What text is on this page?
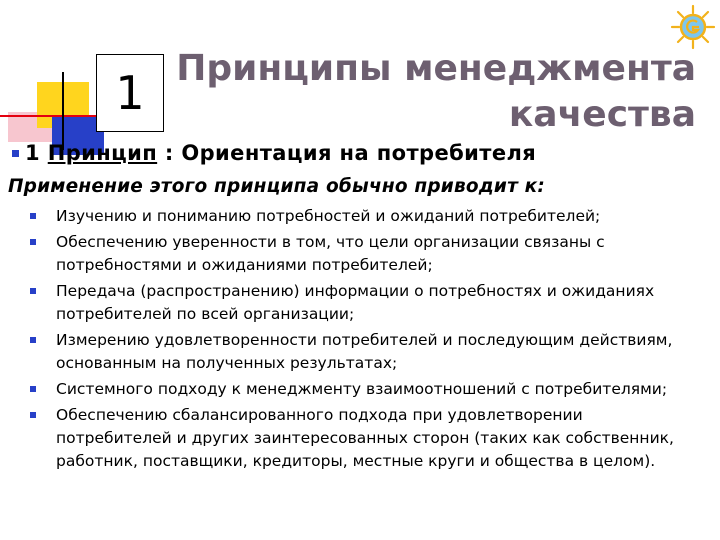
1 Принципы менеджмента
качества
1 Принцип : Ориентация на потребителя
Применение этого принципа обычно приводит к:
Изучению и пониманию потребностей и ожиданий потребителей;
Обеспечению уверенности в том, что цели организации связаны с потребностями и ожиданиями потребителей;
Передача (распространению) информации о потребностях и ожиданиях потребителей по всей организации;
Измерению удовлетворенности потребителей и последующим действиям, основанным на полученных результатах;
Системного подходу к менеджменту взаимоотношений с потребителями;
Обеспечению сбалансированного подхода при удовлетворении потребителей и других заинтересованных сторон (таких как собственник, работник, поставщики, кредиторы, местные круги и общества в целом).
